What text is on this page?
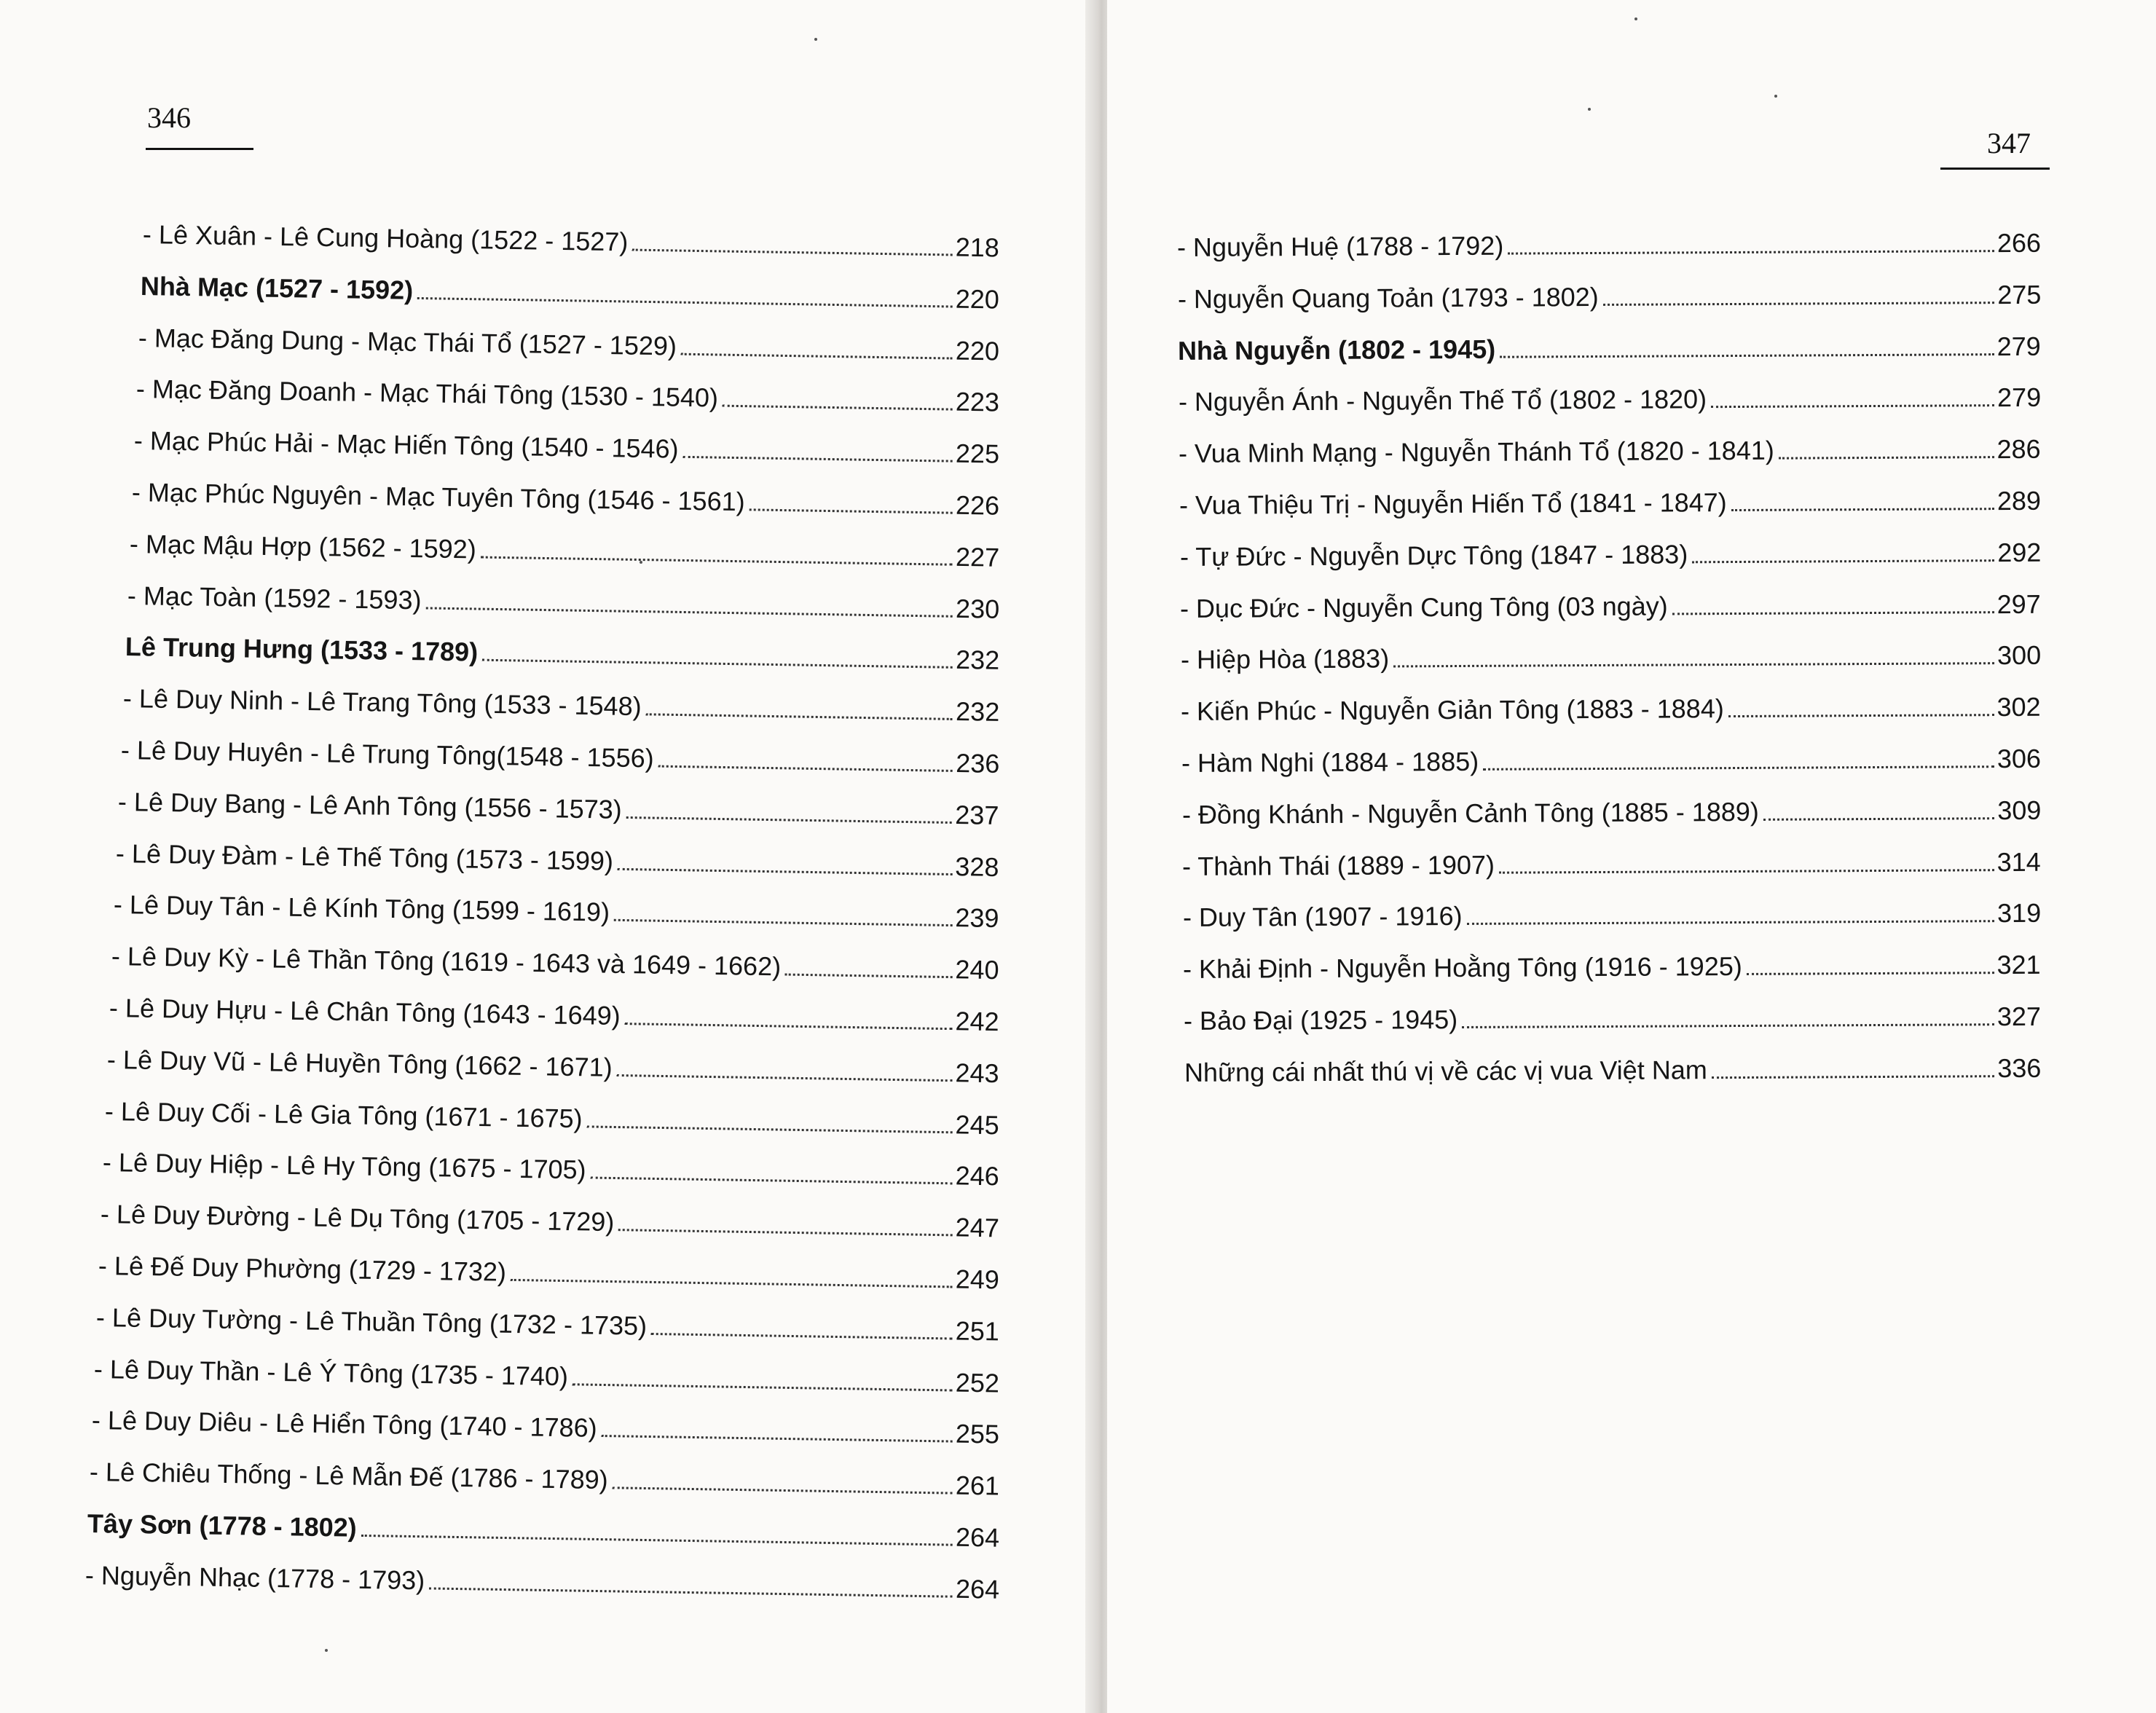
346
- Lê Xuân - Lê Cung Hoàng (1522 - 1527)	218
Nhà Mạc (1527 - 1592)	220
- Mạc Đăng Dung - Mạc Thái Tổ (1527 - 1529)	220
- Mạc Đăng Doanh - Mạc Thái Tông (1530 - 1540)	223
- Mạc Phúc Hải - Mạc Hiến Tông (1540 - 1546)	225
- Mạc Phúc Nguyên - Mạc Tuyên Tông (1546 - 1561)	226
- Mạc Mậu Hợp (1562 - 1592)	227
- Mạc Toàn (1592 - 1593)	230
Lê Trung Hưng (1533 - 1789)	232
- Lê Duy Ninh - Lê Trang Tông (1533 - 1548)	232
- Lê Duy Huyên - Lê Trung Tông(1548 - 1556)	236
- Lê Duy Bang - Lê Anh Tông (1556 - 1573)	237
- Lê Duy Đàm - Lê Thế Tông (1573 - 1599)	328
- Lê Duy Tân - Lê Kính Tông (1599 - 1619)	239
- Lê Duy Kỳ - Lê Thần Tông (1619 - 1643 và 1649 - 1662)	240
- Lê Duy Hựu - Lê Chân Tông (1643 - 1649)	242
- Lê Duy Vũ - Lê Huyền Tông (1662 - 1671)	243
- Lê Duy Cối - Lê Gia Tông (1671 - 1675)	245
- Lê Duy Hiệp - Lê Hy Tông (1675 - 1705)	246
- Lê Duy Đường - Lê Dụ Tông (1705 - 1729)	247
- Lê Đế Duy Phường (1729 - 1732)	249
- Lê Duy Tường - Lê Thuần Tông (1732 - 1735)	251
- Lê Duy Thần - Lê Ý Tông (1735 - 1740)	252
- Lê Duy Diêu - Lê Hiển Tông (1740 - 1786)	255
- Lê Chiêu Thống - Lê Mẫn Đế (1786 - 1789)	261
Tây Sơn (1778 - 1802)	264
- Nguyễn Nhạc (1778 - 1793)	264
347
- Nguyễn Huệ (1788 - 1792)	266
- Nguyễn Quang Toản (1793 - 1802)	275
Nhà Nguyễn (1802 - 1945)	279
- Nguyễn Ánh - Nguyễn Thế Tổ (1802 - 1820)	279
- Vua Minh Mạng - Nguyễn Thánh Tổ (1820 - 1841)	286
- Vua Thiệu Trị - Nguyễn Hiến Tổ (1841 - 1847)	289
- Tự Đức - Nguyễn Dực Tông (1847 - 1883)	292
- Dục Đức - Nguyễn Cung Tông (03 ngày)	297
- Hiệp Hòa (1883)	300
- Kiến Phúc - Nguyễn Giản Tông (1883 - 1884)	302
- Hàm Nghi (1884 - 1885)	306
- Đồng Khánh - Nguyễn Cảnh Tông (1885 - 1889)	309
- Thành Thái (1889 - 1907)	314
- Duy Tân (1907 - 1916)	319
- Khải Định - Nguyễn Hoằng Tông (1916 - 1925)	321
- Bảo Đại (1925 - 1945)	327
Những cái nhất thú vị về các vị vua Việt Nam	336
